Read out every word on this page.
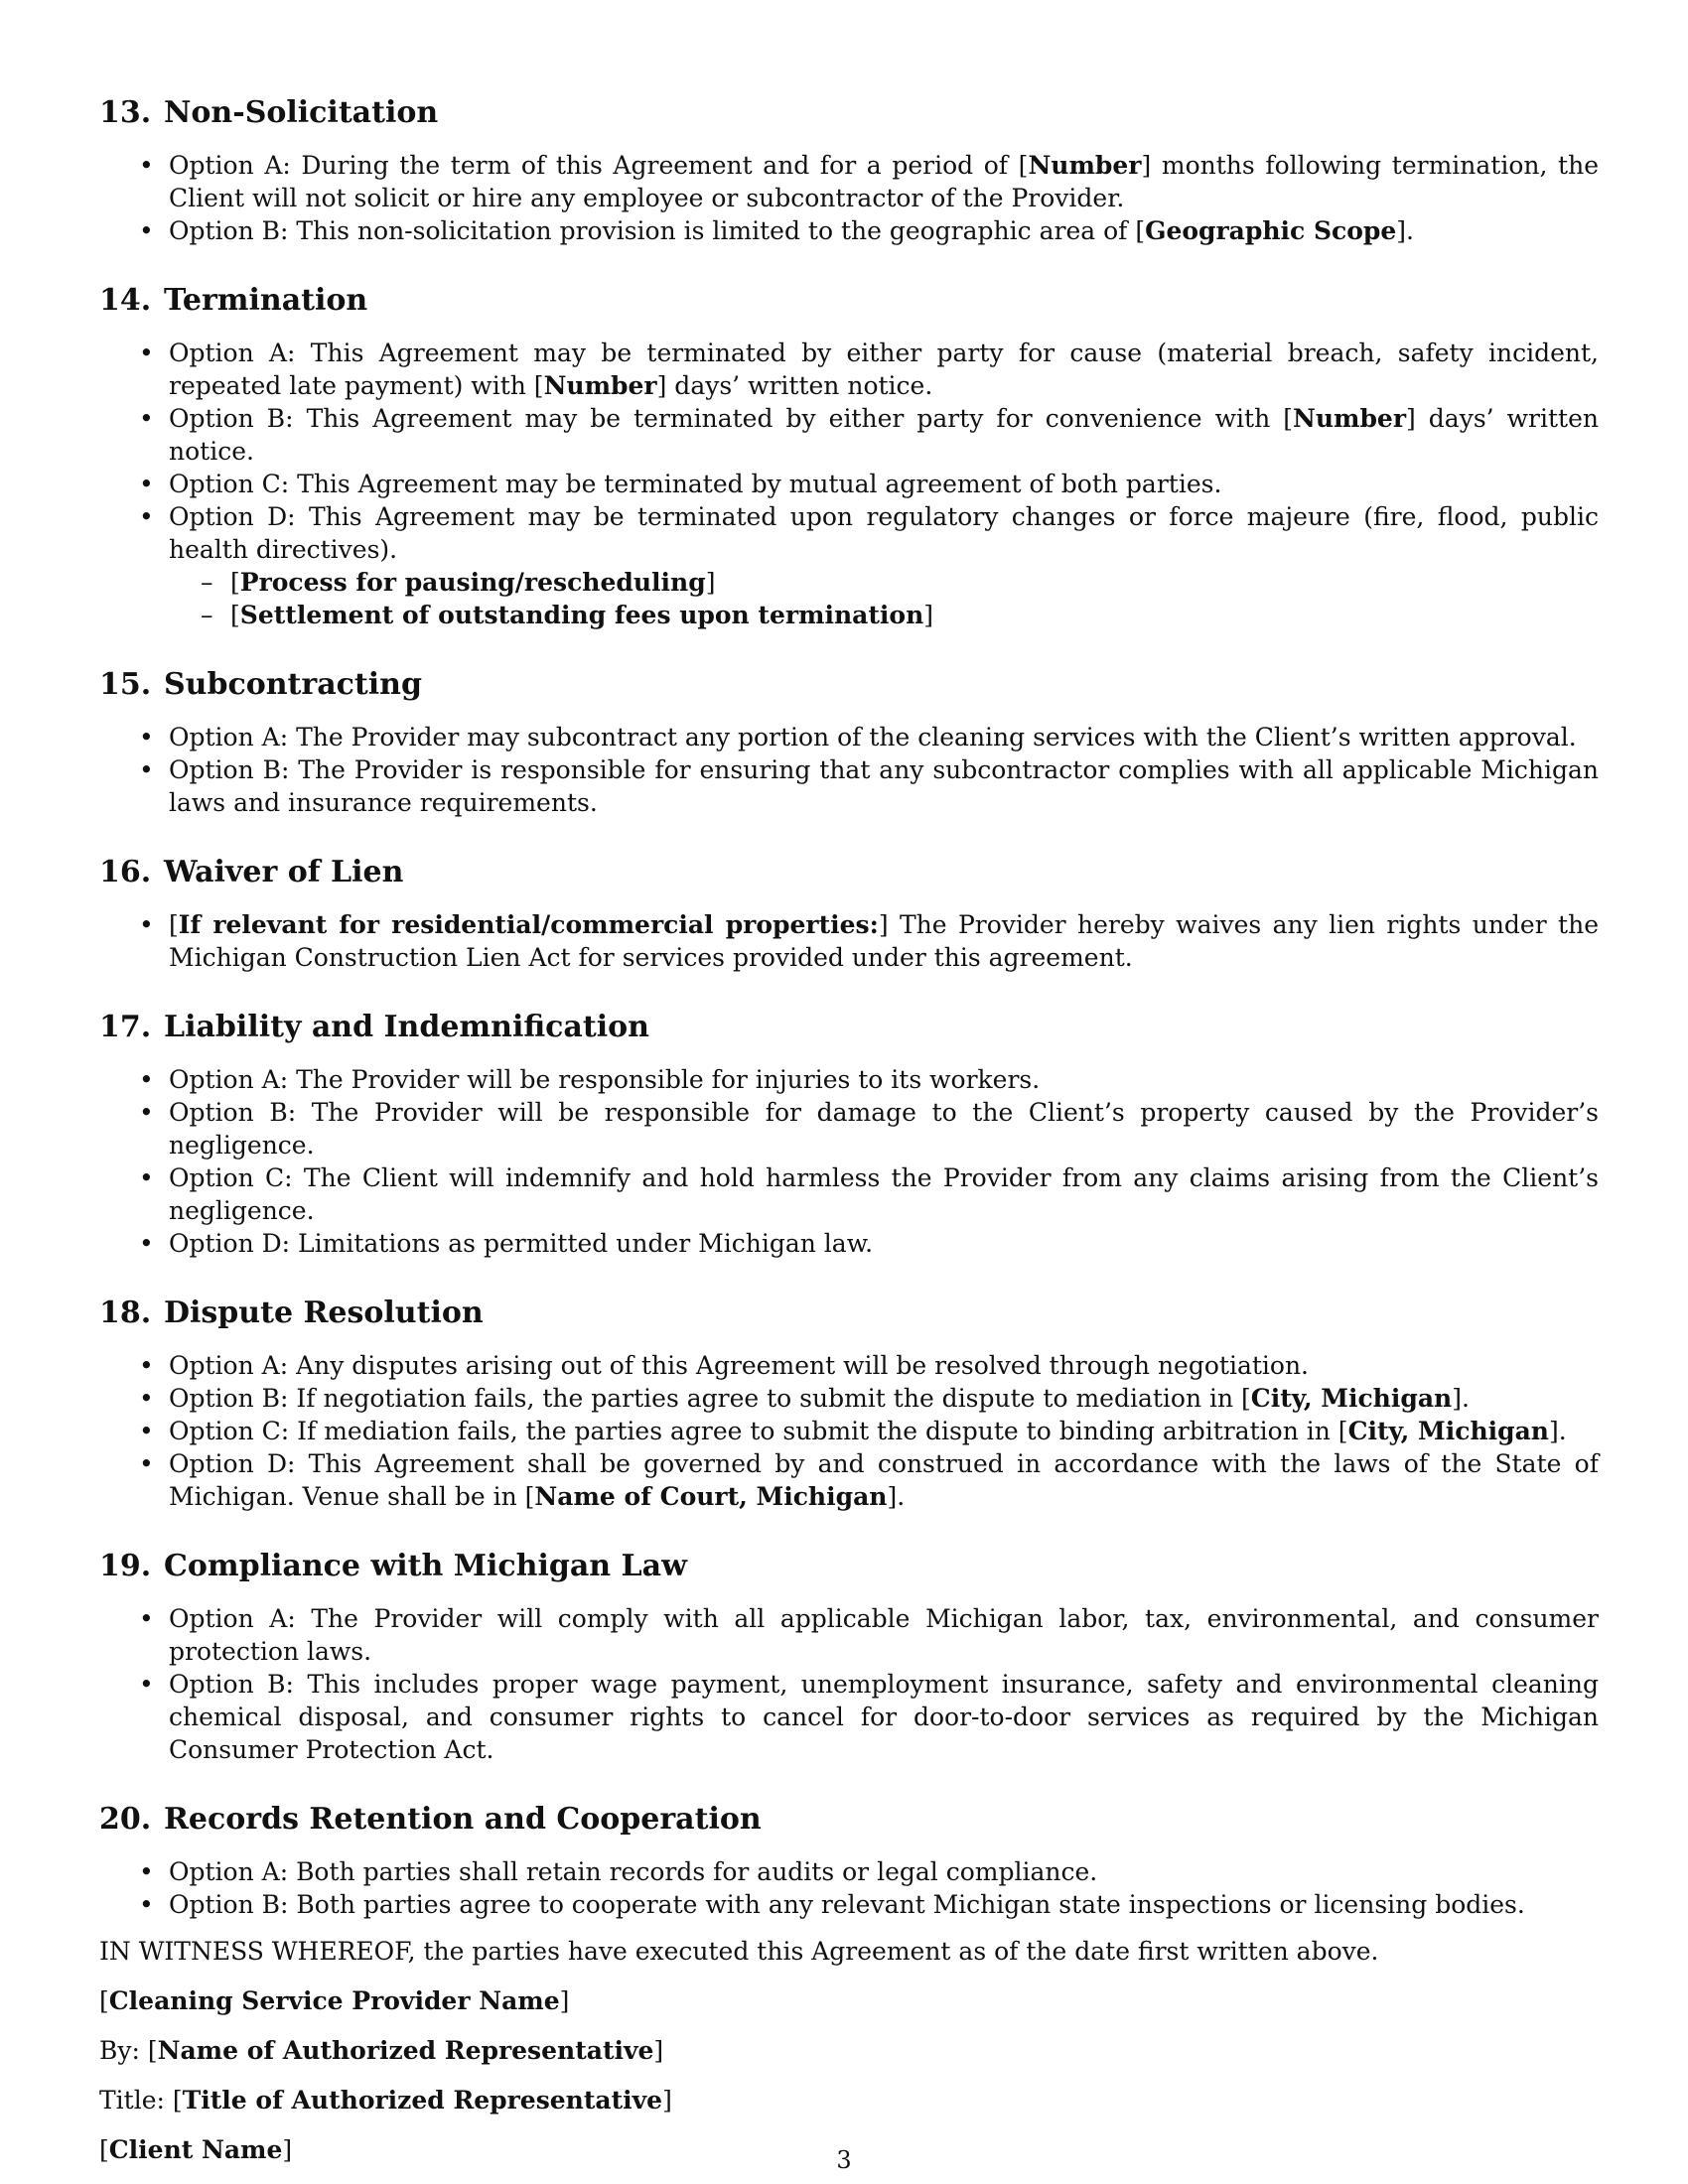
13. Non-Solicitation
• Option A: During the term of this Agreement and for a period of [Number] months following termination, the Client will not solicit or hire any employee or subcontractor of the Provider.
• Option B: This non-solicitation provision is limited to the geographic area of [Geographic Scope].
14. Termination
• Option A: This Agreement may be terminated by either party for cause (material breach, safety incident, repeated late payment) with [Number] days’ written notice.
• Option B: This Agreement may be terminated by either party for convenience with [Number] days’ written notice.
• Option C: This Agreement may be terminated by mutual agreement of both parties.
• Option D: This Agreement may be terminated upon regulatory changes or force majeure (fire, flood, public health directives).
– [Process for pausing/rescheduling]
– [Settlement of outstanding fees upon termination]
15. Subcontracting
• Option A: The Provider may subcontract any portion of the cleaning services with the Client’s written approval.
• Option B: The Provider is responsible for ensuring that any subcontractor complies with all applicable Michigan laws and insurance requirements.
16. Waiver of Lien
• [If relevant for residential/commercial properties:] The Provider hereby waives any lien rights under the Michigan Construction Lien Act for services provided under this agreement.
17. Liability and Indemnification
• Option A: The Provider will be responsible for injuries to its workers.
• Option B: The Provider will be responsible for damage to the Client’s property caused by the Provider’s negligence.
• Option C: The Client will indemnify and hold harmless the Provider from any claims arising from the Client’s negligence.
• Option D: Limitations as permitted under Michigan law.
18. Dispute Resolution
• Option A: Any disputes arising out of this Agreement will be resolved through negotiation.
• Option B: If negotiation fails, the parties agree to submit the dispute to mediation in [City, Michigan].
• Option C: If mediation fails, the parties agree to submit the dispute to binding arbitration in [City, Michigan].
• Option D: This Agreement shall be governed by and construed in accordance with the laws of the State of Michigan. Venue shall be in [Name of Court, Michigan].
19. Compliance with Michigan Law
• Option A: The Provider will comply with all applicable Michigan labor, tax, environmental, and consumer protection laws.
• Option B: This includes proper wage payment, unemployment insurance, safety and environmental cleaning chemical disposal, and consumer rights to cancel for door-to-door services as required by the Michigan Consumer Protection Act.
20. Records Retention and Cooperation
• Option A: Both parties shall retain records for audits or legal compliance.
• Option B: Both parties agree to cooperate with any relevant Michigan state inspections or licensing bodies.

IN WITNESS WHEREOF, the parties have executed this Agreement as of the date first written above.

[Cleaning Service Provider Name]

By: [Name of Authorized Representative]

Title: [Title of Authorized Representative]

[Client Name]	3
